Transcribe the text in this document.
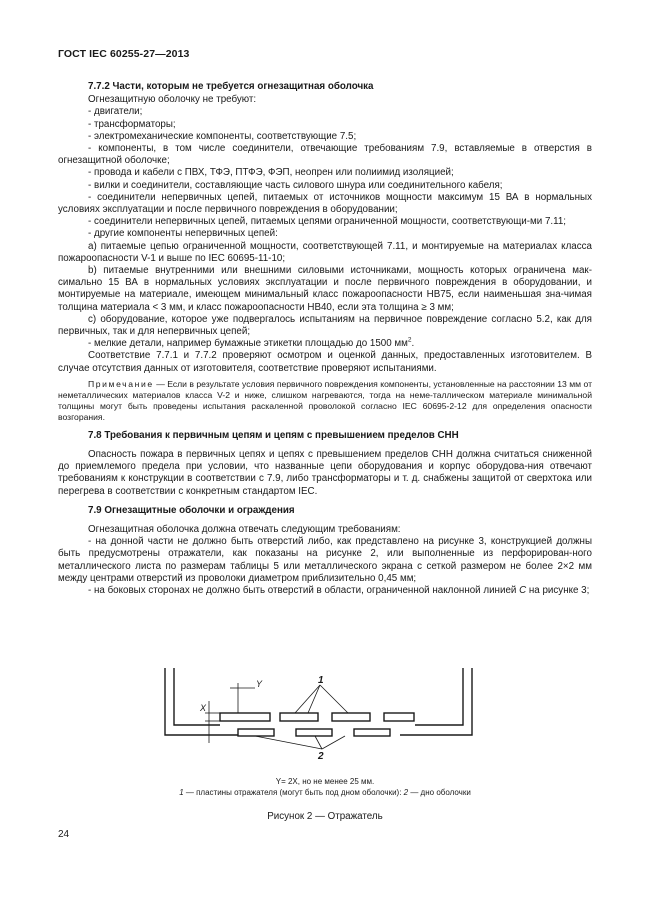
ГОСТ IEC 60255-27—2013

7.7.2 Части, которым не требуется огнезащитная оболочка

Огнезащитную оболочку не требуют:

- двигатели;

- трансформаторы;

- электромеханические компоненты, соответствующие 7.5;

- компоненты, в том числе соединители, отвечающие требованиям 7.9, вставляемые в отверстия в огнезащитной оболочке;

- провода и кабели с ПВХ, ТФЭ, ПТФЭ, ФЭП, неопрен или полиимид изоляцией;

- вилки и соединители, составляющие часть силового шнура или соединительного кабеля;

- соединители непервичных цепей, питаемых от источников мощности максимум 15 ВА в нормальных условиях эксплуатации и после первичного повреждения в оборудовании;

- соединители непервичных цепей, питаемых цепями ограниченной мощности, соответствующи-ми 7.11;

- другие компоненты непервичных цепей:

а) питаемые цепью ограниченной мощности, соответствующей 7.11, и монтируемые на материалах класса пожароопасности V-1 и выше по IEC 60695-11-10;

b) питаемые внутренними или внешними силовыми источниками, мощность которых ограничена мак-симально 15 ВА в нормальных условиях эксплуатации и после первичного повреждения в оборудовании, и монтируемые на материале, имеющем минимальный класс пожароопасности HB75, если наименьшая зна-чимая толщина материала < 3 мм, и класс пожароопасности HB40, если эта толщина ≥ 3 мм;

с) оборудование, которое уже подвергалось испытаниям на первичное повреждение согласно 5.2, как для первичных, так и для непервичных цепей;

- мелкие детали, например бумажные этикетки площадью до 1500 $мм^2$.

Соответствие 7.7.1 и 7.7.2 проверяют осмотром и оценкой данных, предоставленных изготовителем. В случае отсутствия данных от изготовителя, соответствие проверяют испытаниями.

Примечание — Если в результате условия первичного повреждения компоненты, установленные на расстоянии 13 мм от неметаллических материалов класса V-2 и ниже, слишком нагреваются, тогда на неме-таллическом материале минимальной толщины могут быть проведены испытания раскаленной проволокой согласно IEC 60695-2-12 для определения опасности возгорания.

7.8 Требования к первичным цепям и цепям с превышением пределов СНН

Опасность пожара в первичных цепях и цепях с превышением пределов СНН должна считаться сниженной до приемлемого предела при условии, что названные цепи оборудования и корпус оборудова-ния отвечают требованиям к конструкции в соответствии с 7.9, либо трансформаторы и т. д. снабжены защитой от сверхтока или перегрева в соответствии с конкретным стандартом IEC.

7.9 Огнезащитные оболочки и ограждения

Огнезащитная оболочка должна отвечать следующим требованиям:

- на донной части не должно быть отверстий либо, как представлено на рисунке 3, конструкцией должны быть предусмотрены отражатели, как показаны на рисунке 2, или выполненные из перфорирован-ного металлического листа по размерам таблицы 5 или металлического экрана с сеткой размером не более 2×2 мм между центрами отверстий из проволоки диаметром приблизительно 0,45 мм;

- на боковых сторонах не должно быть отверстий в области, ограниченной наклонной линией С на рисунке 3;

X
Y	1
2
Y= 2X, но не менее 25 мм.
1 — пластины отражателя (могут быть под дном оболочки): 2 — дно оболочки
Рисунок 2 — Отражатель
24
